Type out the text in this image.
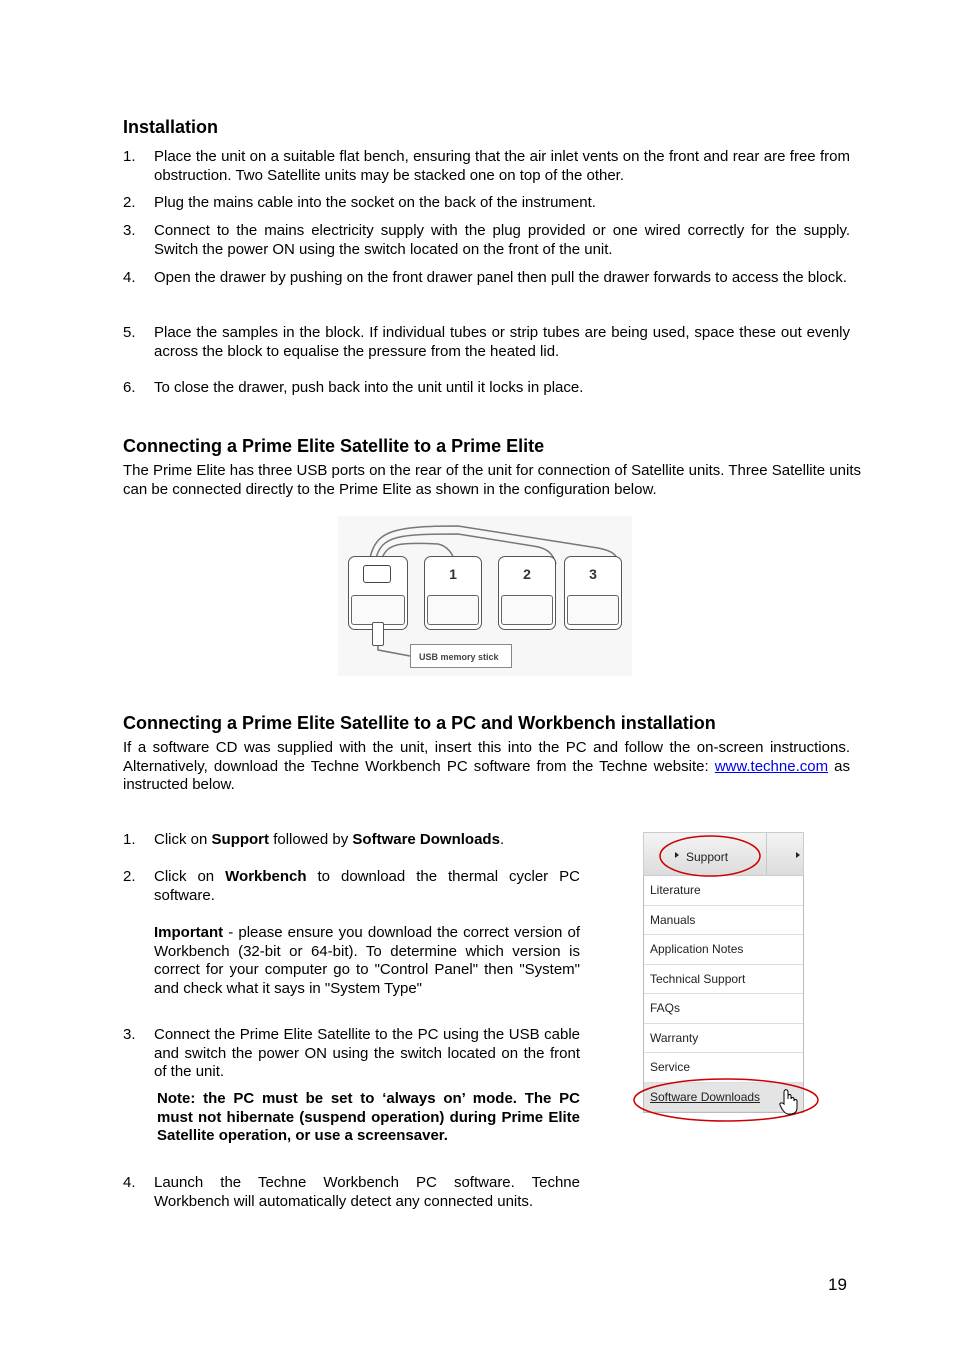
Installation
1.	Place the unit on a suitable flat bench, ensuring that the air inlet vents on the front and rear are free from obstruction. Two Satellite units may be stacked one on top of the other.
2.	Plug the mains cable into the socket on the back of the instrument.
3.	Connect to the mains electricity supply with the plug provided or one wired correctly for the supply. Switch the power ON using the switch located on the front of the unit.
4.	Open the drawer by pushing on the front drawer panel then pull the drawer forwards to access the block.
5.	Place the samples in the block. If individual tubes or strip tubes are being used, space these out evenly across the block to equalise the pressure from the heated lid.
6.	To close the drawer, push back into the unit until it locks in place.
Connecting a Prime Elite Satellite to a Prime Elite
The Prime Elite has three USB ports on the rear of the unit for connection of Satellite units. Three Satellite units can be connected directly to the Prime Elite as shown in the configuration below.
1	2	3
USB memory stick
Connecting a Prime Elite Satellite to a PC and Workbench installation
If a software CD was supplied with the unit, insert this into the PC and follow the on-screen instructions. Alternatively, download the Techne Workbench PC software from the Techne website: www.techne.com as instructed below.
1.	Click on Support followed by Software Downloads.
2.	Click on Workbench to download the thermal cycler PC software.
Important - please ensure you download the correct version of Workbench (32-bit or 64-bit). To determine which version is correct for your computer go to "Control Panel" then "System" and check what it says in "System Type"
3.	Connect the Prime Elite Satellite to the PC using the USB cable and switch the power ON using the switch located on the front of the unit.
Note: the PC must be set to ‘always on’ mode. The PC must not hibernate (suspend operation) during Prime Elite Satellite operation, or use a screensaver.
4.	Launch the Techne Workbench PC software. Techne Workbench will automatically detect any connected units.
Support
Literature
Manuals
Application Notes
Technical Support
FAQs
Warranty
Service
Software Downloads
19
